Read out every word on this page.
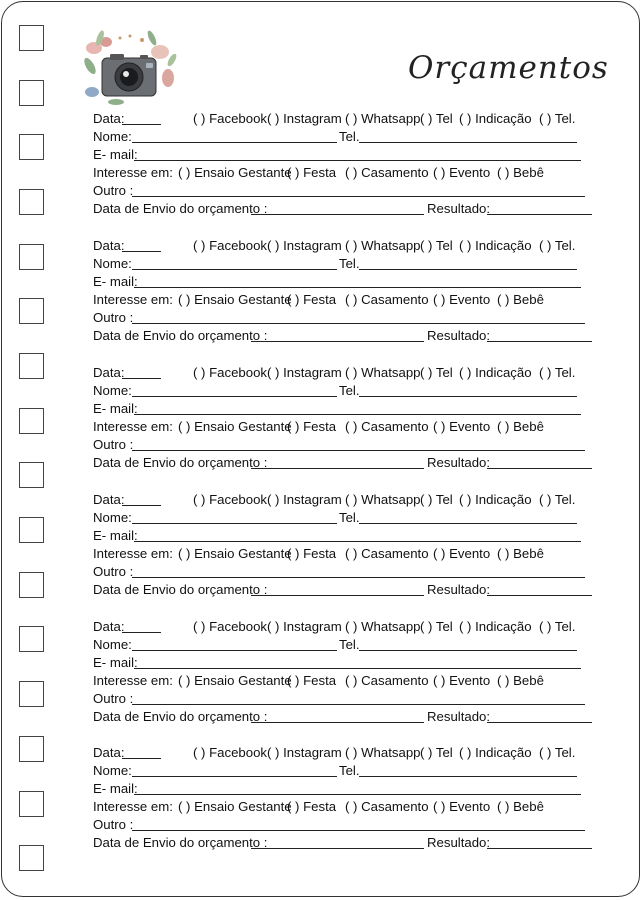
Orçamentos
Data:	( ) Facebook ( ) Instagram ( ) Whatsapp ( ) Tel ( ) Indicação ( ) Tel.
Nome:	Tel.
E- mail:
Interesse em: ( ) Ensaio Gestante
( ) Festa ( ) Casamento ( ) Evento ( ) Bebê
Outro :
Data de Envio do orçamento :	Resultado:
Data:	( ) Facebook ( ) Instagram ( ) Whatsapp ( ) Tel ( ) Indicação ( ) Tel.
Nome:	Tel.
E- mail:
Interesse em: ( ) Ensaio Gestante
( ) Festa ( ) Casamento ( ) Evento ( ) Bebê
Outro :
Data de Envio do orçamento :	Resultado:
Data:	( ) Facebook ( ) Instagram ( ) Whatsapp ( ) Tel ( ) Indicação ( ) Tel.
Nome:	Tel.
E- mail:
Interesse em: ( ) Ensaio Gestante
( ) Festa ( ) Casamento ( ) Evento ( ) Bebê
Outro :
Data de Envio do orçamento :	Resultado:
Data:	( ) Facebook ( ) Instagram ( ) Whatsapp ( ) Tel ( ) Indicação ( ) Tel.
Nome:	Tel.
E- mail:
Interesse em: ( ) Ensaio Gestante
( ) Festa ( ) Casamento ( ) Evento ( ) Bebê
Outro :
Data de Envio do orçamento :	Resultado:
Data:	( ) Facebook ( ) Instagram ( ) Whatsapp ( ) Tel ( ) Indicação ( ) Tel.
Nome:	Tel.
E- mail:
Interesse em: ( ) Ensaio Gestante
( ) Festa ( ) Casamento ( ) Evento ( ) Bebê
Outro :
Data de Envio do orçamento :	Resultado:
Data:	( ) Facebook ( ) Instagram ( ) Whatsapp ( ) Tel ( ) Indicação ( ) Tel.
Nome:	Tel.
E- mail:
Interesse em: ( ) Ensaio Gestante
( ) Festa ( ) Casamento ( ) Evento ( ) Bebê
Outro :
Data de Envio do orçamento :	Resultado:
